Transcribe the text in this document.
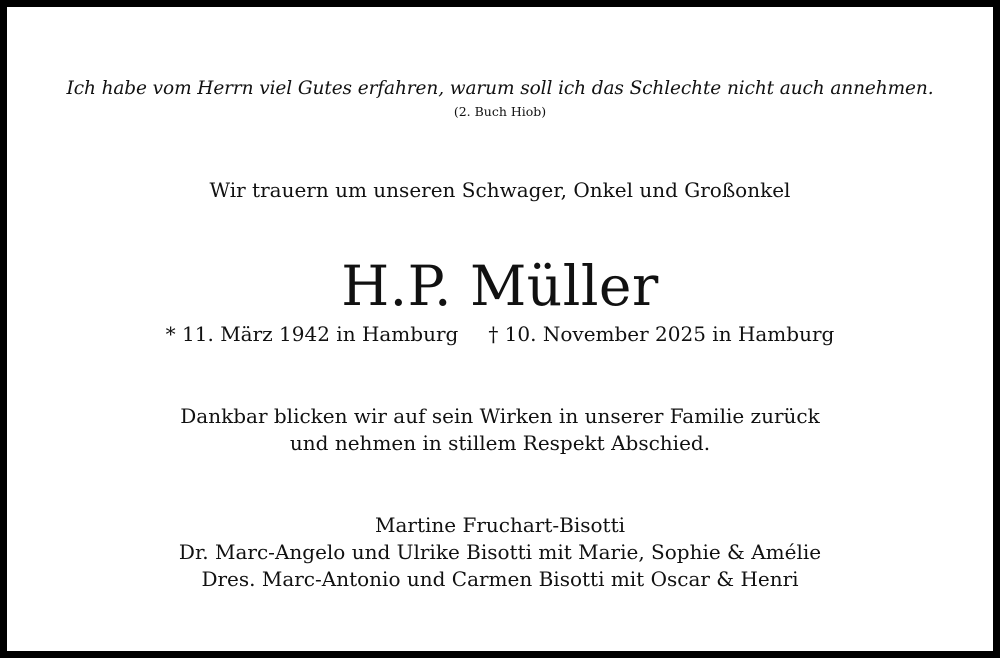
Ich habe vom Herrn viel Gutes erfahren, warum soll ich das Schlechte nicht auch annehmen.
(2. Buch Hiob)
Wir trauern um unseren Schwager, Onkel und Großonkel
H.P. Müller
* 11. März 1942 in Hamburg † 10. November 2025 in Hamburg
Dankbar blicken wir auf sein Wirken in unserer Familie zurück
und nehmen in stillem Respekt Abschied.
Martine Fruchart-Bisotti
Dr. Marc-Angelo und Ulrike Bisotti mit Marie, Sophie & Amélie
Dres. Marc-Antonio und Carmen Bisotti mit Oscar & Henri
